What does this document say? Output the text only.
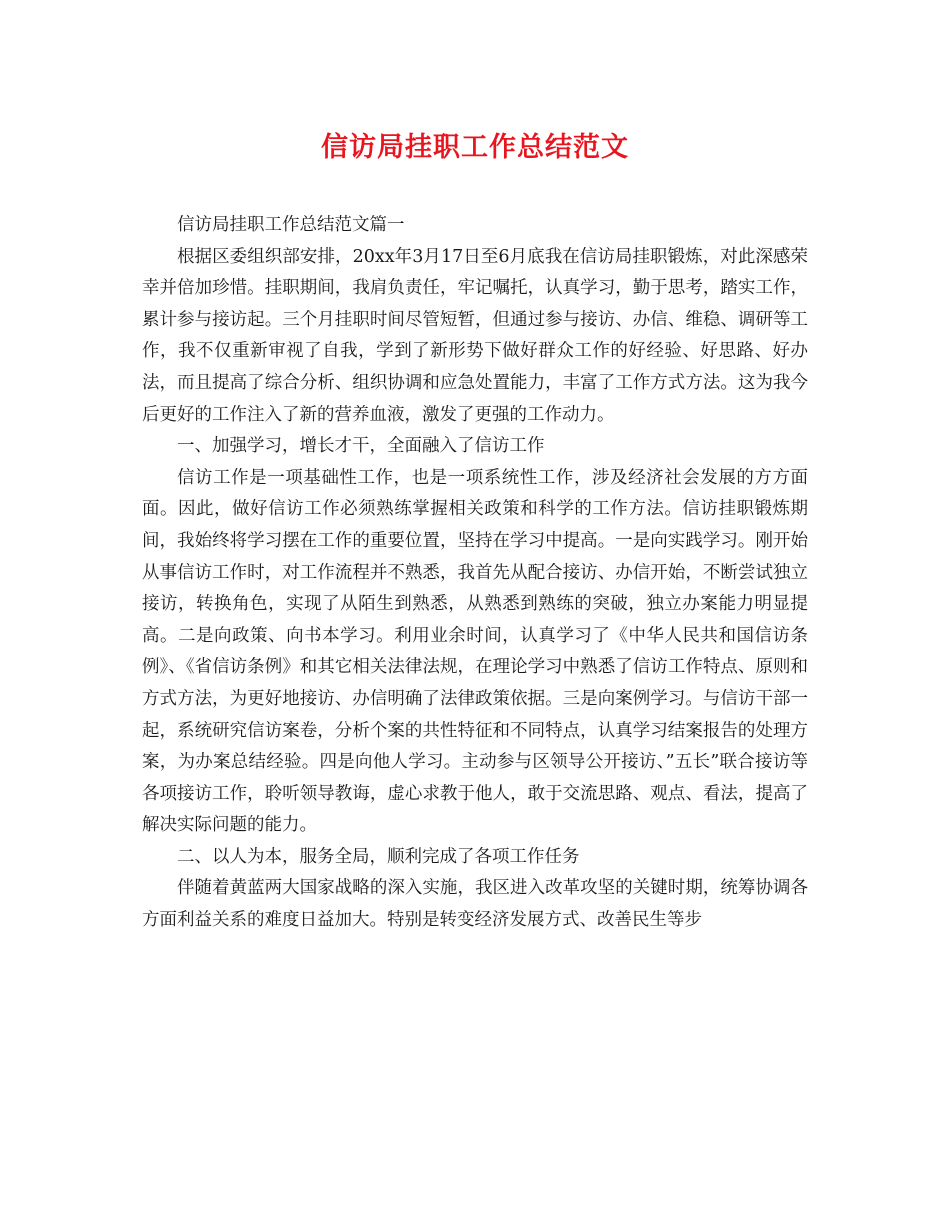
信访局挂职工作总结范文

信访局挂职工作总结范文篇一

根据区委组织部安排，20xx年3月17日至6月底我在信访局挂职锻炼，对此深感荣幸并倍加珍惜。挂职期间，我肩负责任，牢记嘱托，认真学习，勤于思考，踏实工作，累计参与接访起。三个月挂职时间尽管短暂，但通过参与接访、办信、维稳、调研等工作，我不仅重新审视了自我，学到了新形势下做好群众工作的好经验、好思路、好办法，而且提高了综合分析、组织协调和应急处置能力，丰富了工作方式方法。这为我今后更好的工作注入了新的营养血液，激发了更强的工作动力。

一、加强学习，增长才干，全面融入了信访工作

信访工作是一项基础性工作，也是一项系统性工作，涉及经济社会发展的方方面面。因此，做好信访工作必须熟练掌握相关政策和科学的工作方法。信访挂职锻炼期间，我始终将学习摆在工作的重要位置，坚持在学习中提高。一是向实践学习。刚开始从事信访工作时，对工作流程并不熟悉，我首先从配合接访、办信开始，不断尝试独立接访，转换角色，实现了从陌生到熟悉，从熟悉到熟练的突破，独立办案能力明显提高。二是向政策、向书本学习。利用业余时间，认真学习了《中华人民共和国信访条例》、《省信访条例》和其它相关法律法规，在理论学习中熟悉了信访工作特点、原则和方式方法，为更好地接访、办信明确了法律政策依据。三是向案例学习。与信访干部一起，系统研究信访案卷，分析个案的共性特征和不同特点，认真学习结案报告的处理方案，为办案总结经验。四是向他人学习。主动参与区领导公开接访、”五长”联合接访等各项接访工作，聆听领导教诲，虚心求教于他人，敢于交流思路、观点、看法，提高了解决实际问题的能力。

二、以人为本，服务全局，顺利完成了各项工作任务

伴随着黄蓝两大国家战略的深入实施，我区进入改革攻坚的关键时期，统筹协调各方面利益关系的难度日益加大。特别是转变经济发展方式、改善民生等步
